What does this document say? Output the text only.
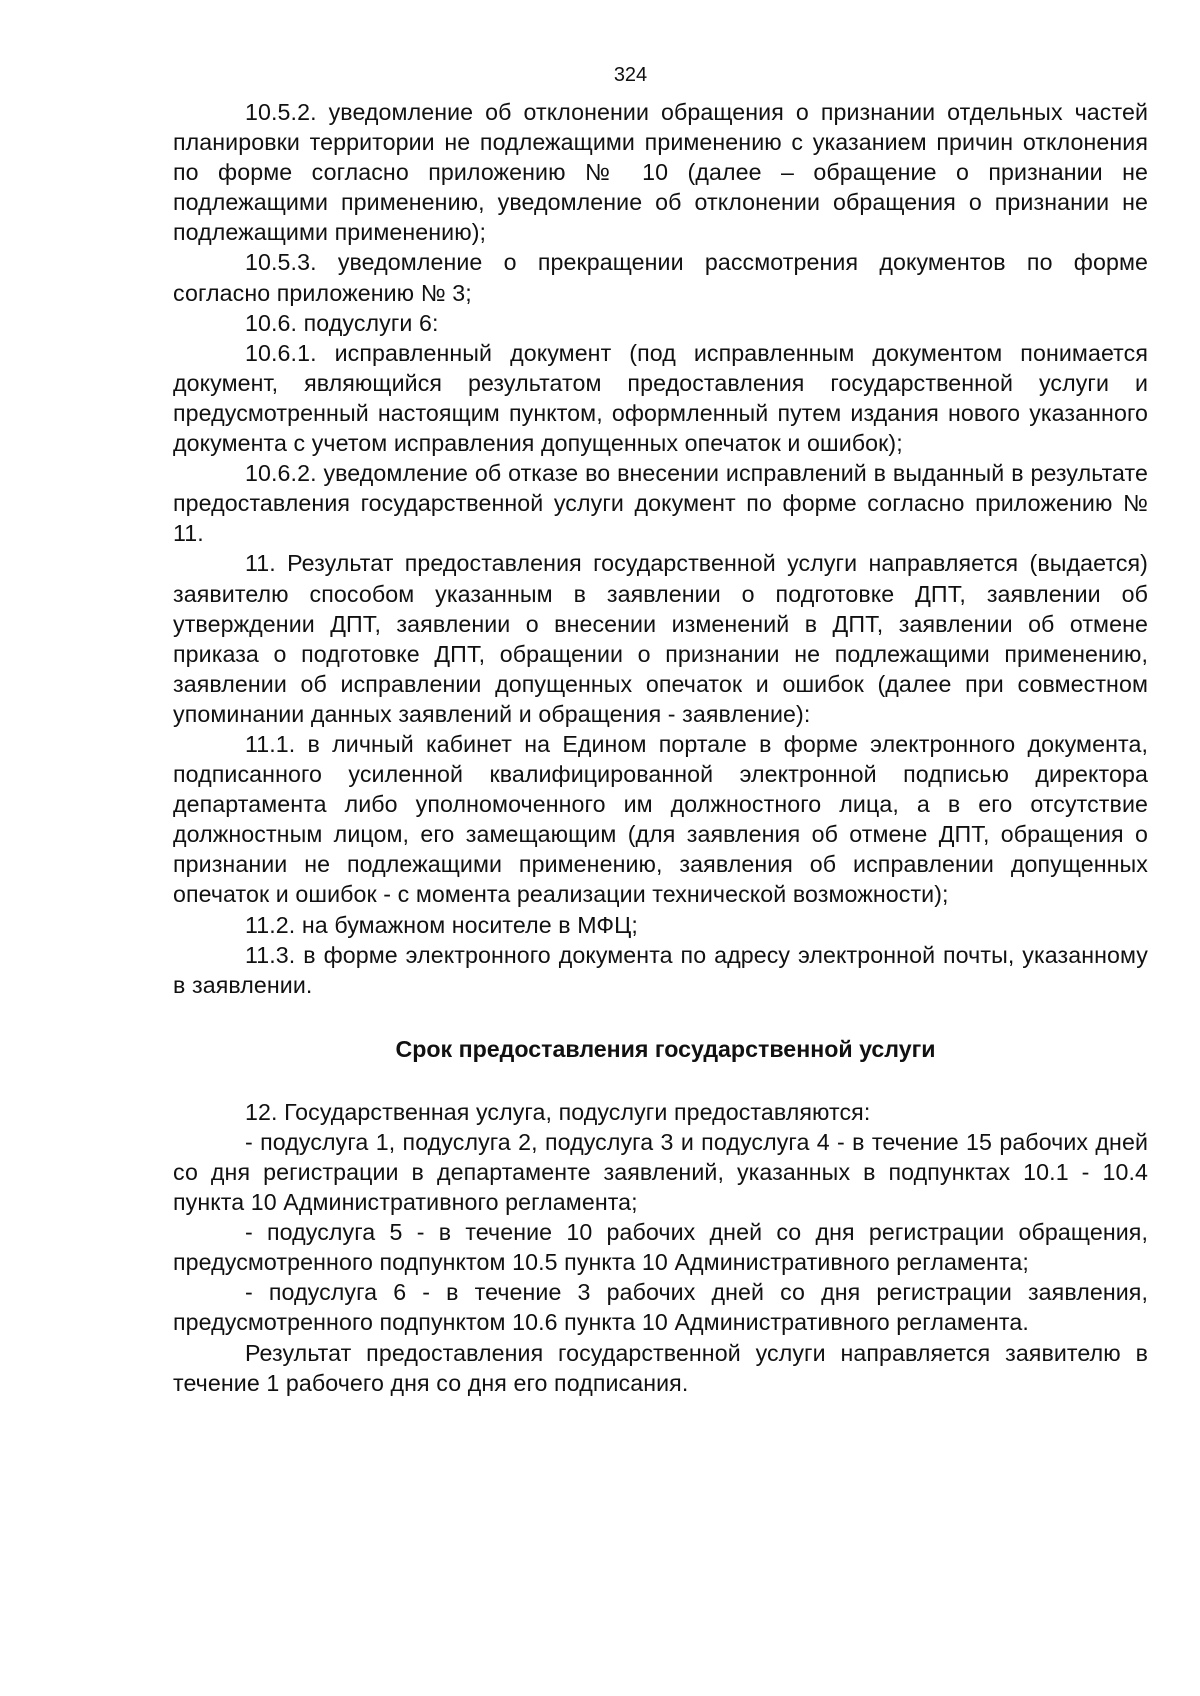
324

10.5.2. уведомление об отклонении обращения о признании отдельных частей планировки территории не подлежащими применению с указанием причин отклонения по форме согласно приложению № 10 (далее – обращение о признании не подлежащими применению, уведомление об отклонении обращения о признании не подлежащими применению);

10.5.3. уведомление о прекращении рассмотрения документов по форме согласно приложению № 3;

10.6. подуслуги 6:

10.6.1. исправленный документ (под исправленным документом понимается документ, являющийся результатом предоставления государственной услуги и предусмотренный настоящим пунктом, оформленный путем издания нового указанного документа с учетом исправления допущенных опечаток и ошибок);

10.6.2. уведомление об отказе во внесении исправлений в выданный в результате предоставления государственной услуги документ по форме согласно приложению № 11.

11. Результат предоставления государственной услуги направляется (выдается) заявителю способом указанным в заявлении о подготовке ДПТ, заявлении об утверждении ДПТ, заявлении о внесении изменений в ДПТ, заявлении об отмене приказа о подготовке ДПТ, обращении о признании не подлежащими применению, заявлении об исправлении допущенных опечаток и ошибок (далее при совместном упоминании данных заявлений и обращения - заявление):

11.1. в личный кабинет на Едином портале в форме электронного документа, подписанного усиленной квалифицированной электронной подписью директора департамента либо уполномоченного им должностного лица, а в его отсутствие должностным лицом, его замещающим (для заявления об отмене ДПТ, обращения о признании не подлежащими применению, заявления об исправлении допущенных опечаток и ошибок - с момента реализации технической возможности);

11.2. на бумажном носителе в МФЦ;

11.3. в форме электронного документа по адресу электронной почты, указанному в заявлении.

Срок предоставления государственной услуги

12. Государственная услуга, подуслуги предоставляются:

- подуслуга 1, подуслуга 2, подуслуга 3 и подуслуга 4 - в течение 15 рабочих дней со дня регистрации в департаменте заявлений, указанных в подпунктах 10.1 - 10.4 пункта 10 Административного регламента;

- подуслуга 5 - в течение 10 рабочих дней со дня регистрации обращения, предусмотренного подпунктом 10.5 пункта 10 Административного регламента;

- подуслуга 6 - в течение 3 рабочих дней со дня регистрации заявления, предусмотренного подпунктом 10.6 пункта 10 Административного регламента.

Результат предоставления государственной услуги направляется заявителю в течение 1 рабочего дня со дня его подписания.
